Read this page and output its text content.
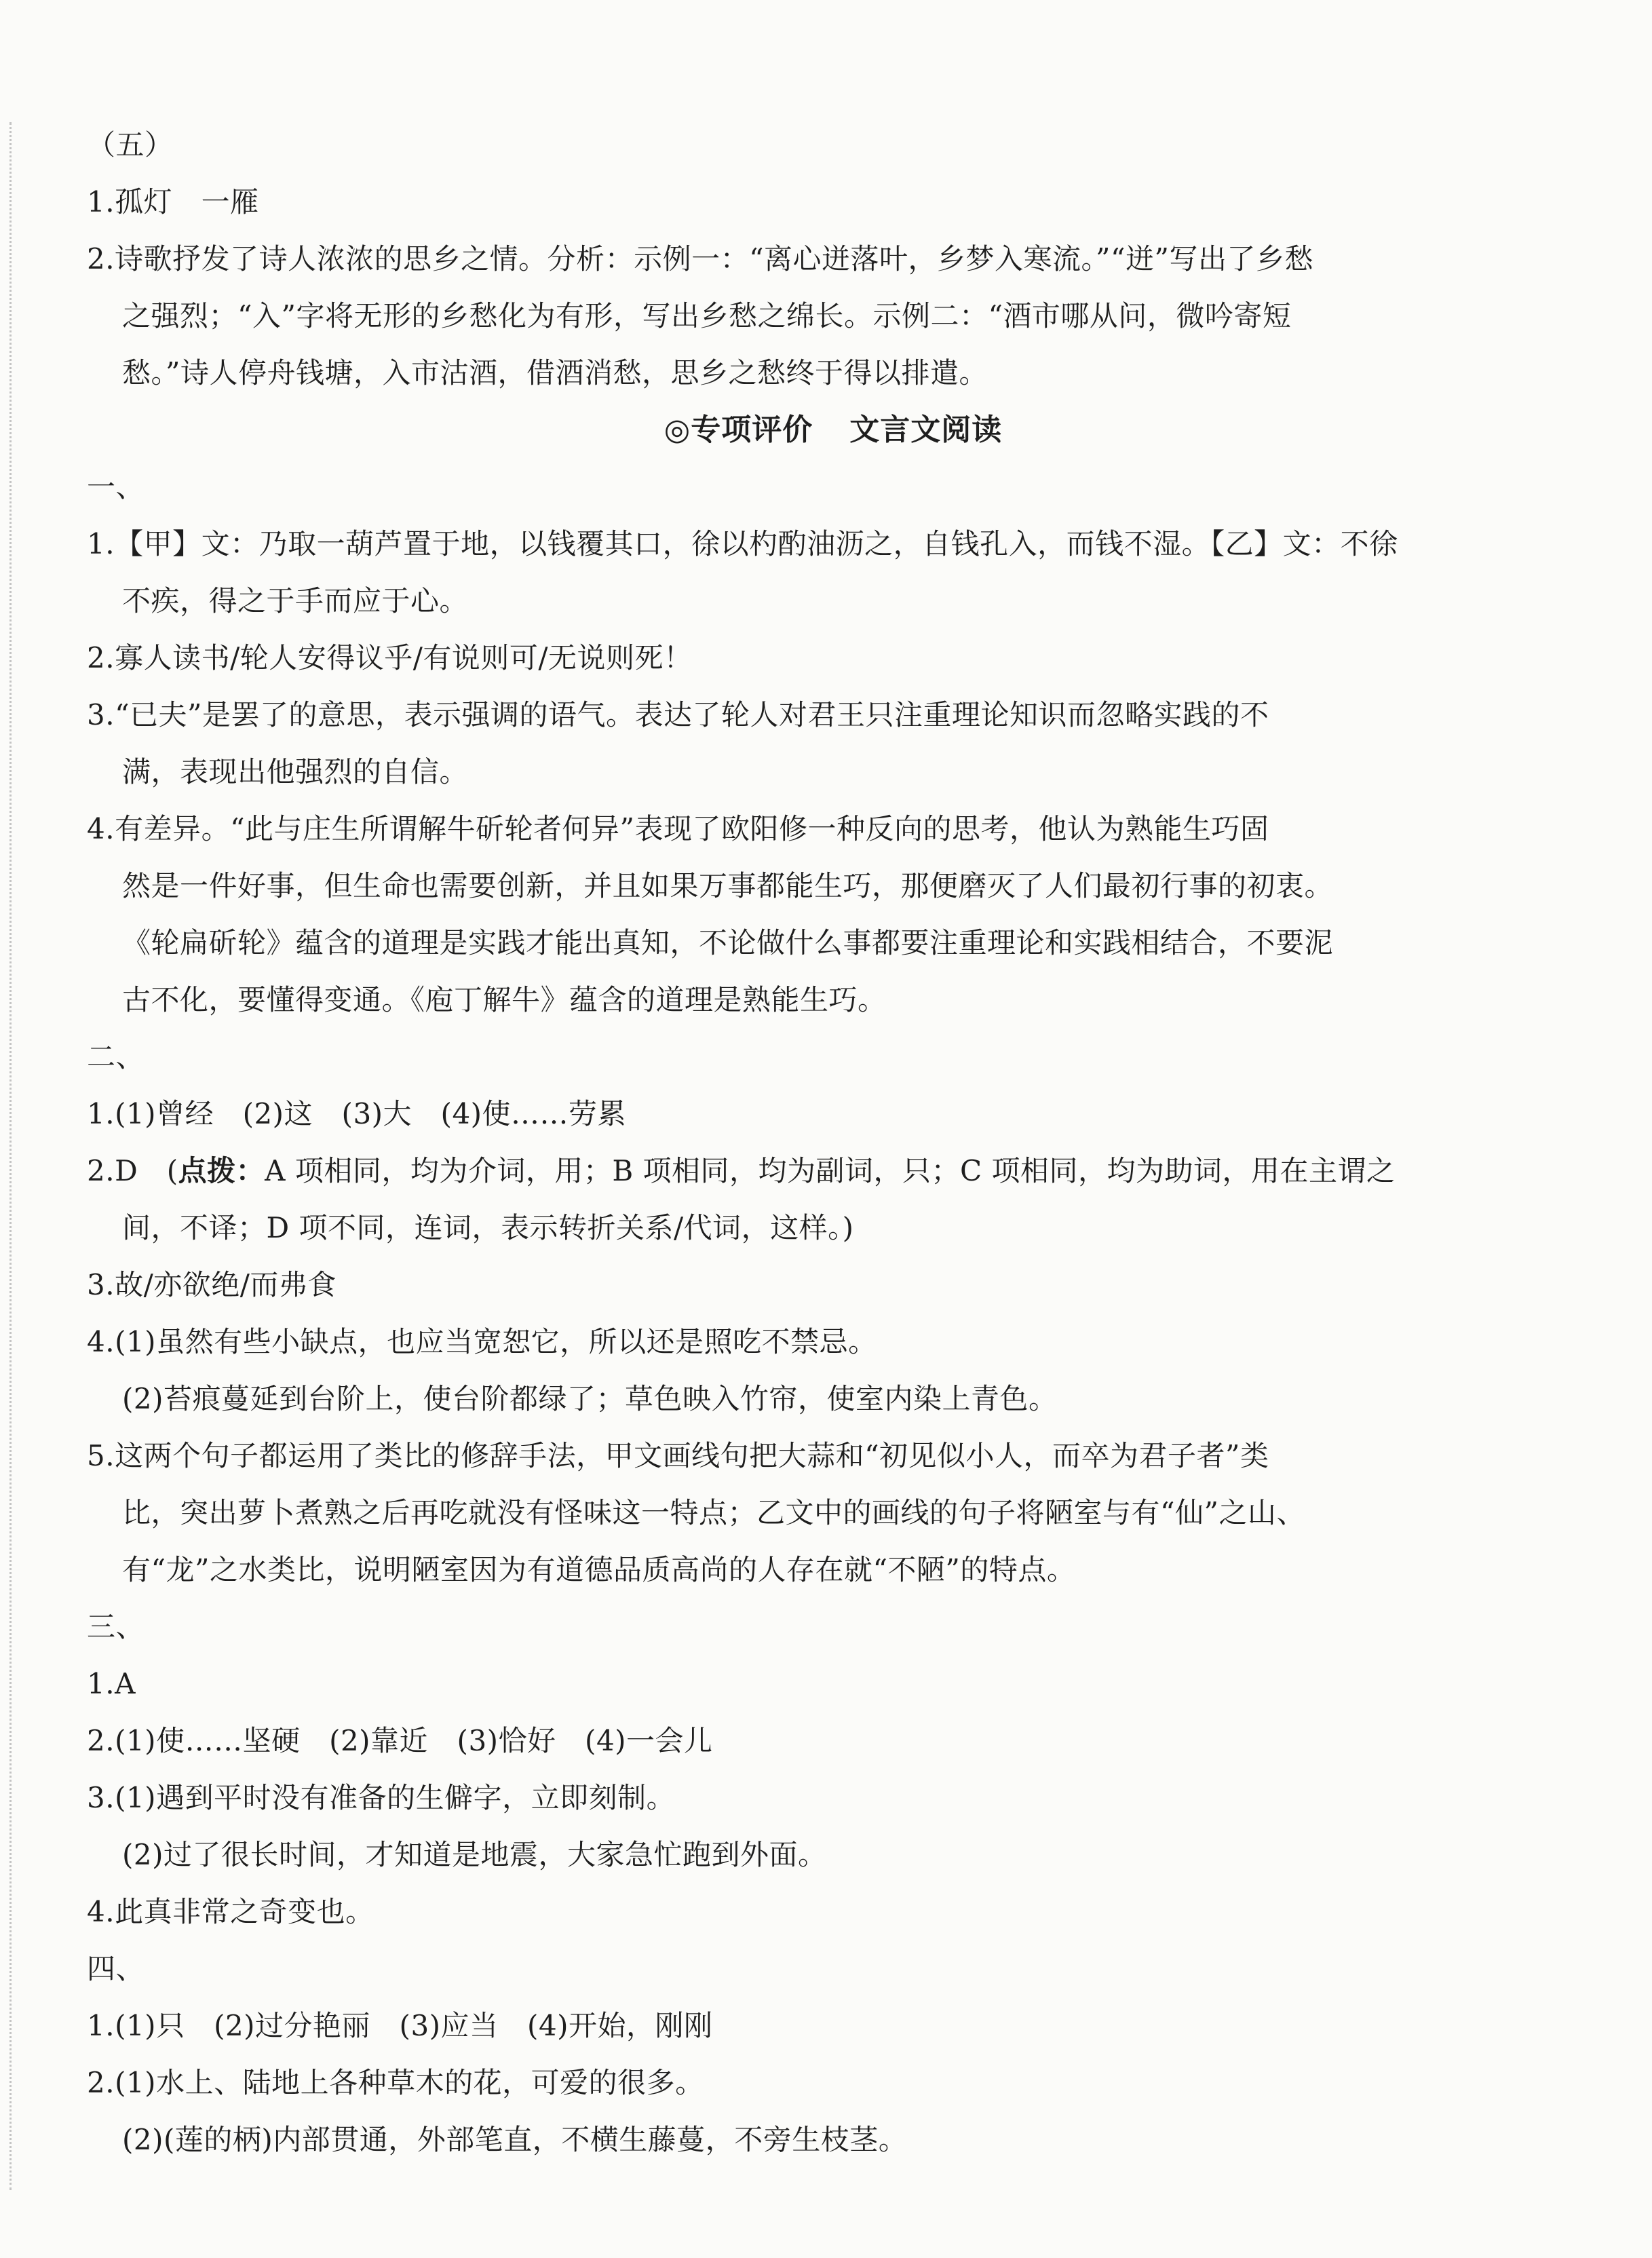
（五）

1.孤灯　一雁

2.诗歌抒发了诗人浓浓的思乡之情。分析：示例一：“离心迸落叶，乡梦入寒流。”“迸”写出了乡愁

之强烈；“入”字将无形的乡愁化为有形，写出乡愁之绵长。示例二：“酒市哪从问，微吟寄短

愁。”诗人停舟钱塘，入市沽酒，借酒消愁，思乡之愁终于得以排遣。

◎专项评价 文言文阅读

一、

1.【甲】文：乃取一葫芦置于地，以钱覆其口，徐以杓酌油沥之，自钱孔入，而钱不湿。【乙】文：不徐

不疾，得之于手而应于心。

2.寡人读书/轮人安得议乎/有说则可/无说则死！

3.“已夫”是罢了的意思，表示强调的语气。表达了轮人对君王只注重理论知识而忽略实践的不

满，表现出他强烈的自信。

4.有差异。“此与庄生所谓解牛斫轮者何异”表现了欧阳修一种反向的思考，他认为熟能生巧固

然是一件好事，但生命也需要创新，并且如果万事都能生巧，那便磨灭了人们最初行事的初衷。

《轮扁斫轮》蕴含的道理是实践才能出真知，不论做什么事都要注重理论和实践相结合，不要泥

古不化，要懂得变通。《庖丁解牛》蕴含的道理是熟能生巧。

二、

1.(1)曾经　(2)这　(3)大　(4)使……劳累

2.D　(点拨：A 项相同，均为介词，用；B 项相同，均为副词，只；C 项相同，均为助词，用在主谓之

间，不译；D 项不同，连词，表示转折关系/代词，这样。)

3.故/亦欲绝/而弗食

4.(1)虽然有些小缺点，也应当宽恕它，所以还是照吃不禁忌。

(2)苔痕蔓延到台阶上，使台阶都绿了；草色映入竹帘，使室内染上青色。

5.这两个句子都运用了类比的修辞手法，甲文画线句把大蒜和“初见似小人，而卒为君子者”类

比，突出萝卜煮熟之后再吃就没有怪味这一特点；乙文中的画线的句子将陋室与有“仙”之山、

有“龙”之水类比，说明陋室因为有道德品质高尚的人存在就“不陋”的特点。

三、

1.A

2.(1)使……坚硬　(2)靠近　(3)恰好　(4)一会儿

3.(1)遇到平时没有准备的生僻字，立即刻制。

(2)过了很长时间，才知道是地震，大家急忙跑到外面。

4.此真非常之奇变也。

四、

1.(1)只　(2)过分艳丽　(3)应当　(4)开始，刚刚

2.(1)水上、陆地上各种草木的花，可爱的很多。

(2)(莲的柄)内部贯通，外部笔直，不横生藤蔓，不旁生枝茎。
